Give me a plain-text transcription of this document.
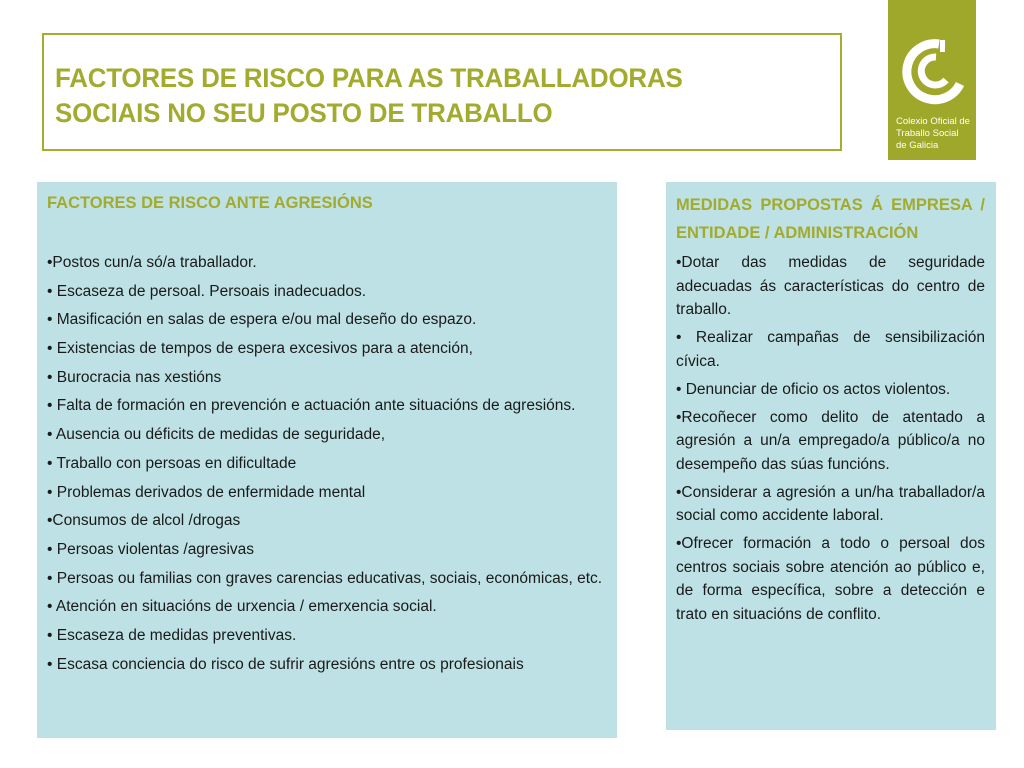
FACTORES DE RISCO PARA AS TRABALLADORAS
SOCIAIS NO SEU POSTO DE TRABALLO	Colexio Oficial de
Traballo Social
de Galicia
FACTORES DE RISCO ANTE AGRESIÓNS
•Postos cun/a só/a traballador.
• Escaseza de persoal. Persoais inadecuados.
• Masificación en salas de espera e/ou mal deseño do espazo.
• Existencias de tempos de espera excesivos para a atención,
• Burocracia nas xestións
• Falta de formación en prevención e actuación ante situacións de agresións.
• Ausencia ou déficits de medidas de seguridade,
• Traballo con persoas en dificultade
• Problemas derivados de enfermidade mental
•Consumos de alcol /drogas
• Persoas violentas /agresivas
• Persoas ou familias con graves carencias educativas, sociais, económicas, etc.
• Atención en situacións de urxencia / emerxencia social.
• Escaseza de medidas preventivas.
• Escasa conciencia do risco de sufrir agresións entre os profesionais
MEDIDAS PROPOSTAS Á EMPRESA / ENTIDADE / ADMINISTRACIÓN
•Dotar das medidas de seguridade adecuadas ás características do centro de traballo.
• Realizar campañas de sensibilización cívica.
• Denunciar de oficio os actos violentos.
•Recoñecer como delito de atentado a agresión a un/a empregado/a público/a no desempeño das súas funcións.
•Considerar a agresión a un/ha traballador/a social como accidente laboral.
•Ofrecer formación a todo o persoal dos centros sociais sobre atención ao público e, de forma específica, sobre a detección e trato en situacións de conflito.
